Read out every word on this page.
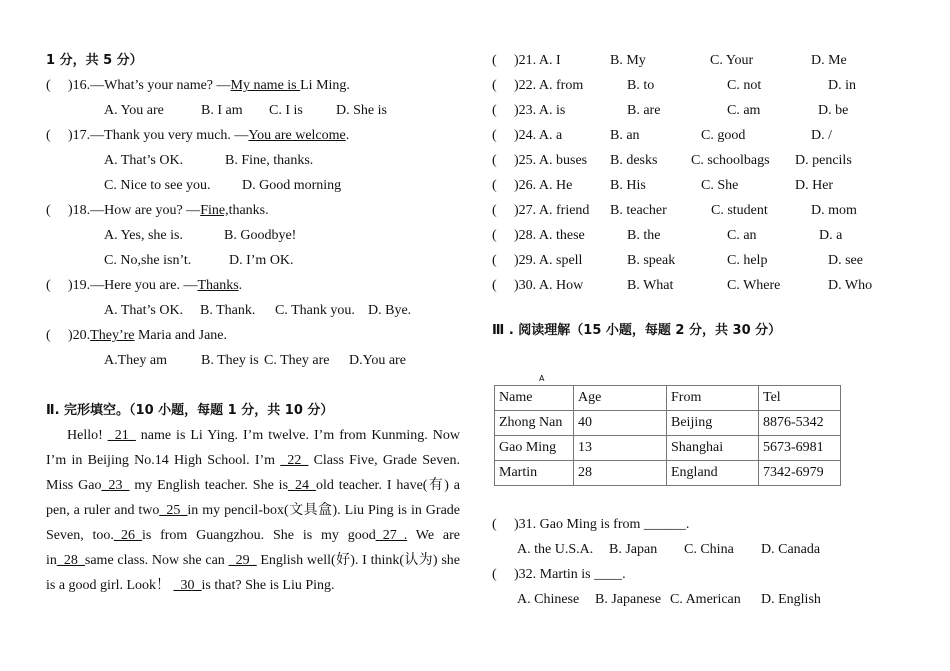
1 分，共 5 分）
( )16.—What’s your name? —My name is Li Ming.
A. You are	B. I am C. I is D. She is
( )17.—Thank you very much. —You are welcome.
A. That’s OK.	B. Fine, thanks.
C. Nice to see you. D. Good morning
( )18.—How are you? —Fine,thanks.
A. Yes, she is.	B. Goodbye!
C. No,she isn’t.	D. I’m OK.
( )19.—Here you are. —Thanks.
A. That’s OK. B. Thank. C. Thank you. D. Bye.
( )20.They’re Maria and Jane.
A.They am B. They is C. They are D.You are
Ⅱ. 完形填空。（10 小题，每题 1 分，共 10 分）
Hello! _21_ name is Li Ying. I’m twelve. I’m from Kunming. Now I’m in Beijing No.14 High School. I’m _22_ Class Five, Grade Seven. Miss Gao_23_ my English teacher. She is_24_old teacher. I have(有) a pen, a ruler and two_25_in my pencil-box(文具盒). Liu Ping is in Grade Seven, too._26_is from Guangzhou. She is my good_27_. We are in_28_same class. Now she can _29_ English well(好). I think(认为) she is a good girl. Look！ _30_is that? She is Liu Ping.
( )21. A. I	B. My	C. Your	D. Me
( )22. A. from	B. to	C. not	D. in
( )23. A. is	B. are	C. am	D. be
( )24. A. a	B. an	C. good	D. /
( )25. A. buses B. desks C. schoolbags D. pencils
( )26. A. He	B. His	C. She	D. Her
( )27. A. friend B. teacher	C. student	D. mom
( )28. A. these	B. the	C. an	D. a
( )29. A. spell	B. speak	C. help	D. see
( )30. A. How	B. What	C. Where	D. Who
Ⅲ . 阅读理解（15 小题，每题 2 分，共 30 分）
A
Name	Age	From	Tel
Zhong Nan	40	Beijing	8876-5342
Gao Ming	13	Shanghai	5673-6981
Martin	28	England	7342-6979
( )31. Gao Ming is from ______.
A. the U.S.A. B. Japan C. China D. Canada
( )32. Martin is ____.
A. Chinese B. Japanese C. American D. English
